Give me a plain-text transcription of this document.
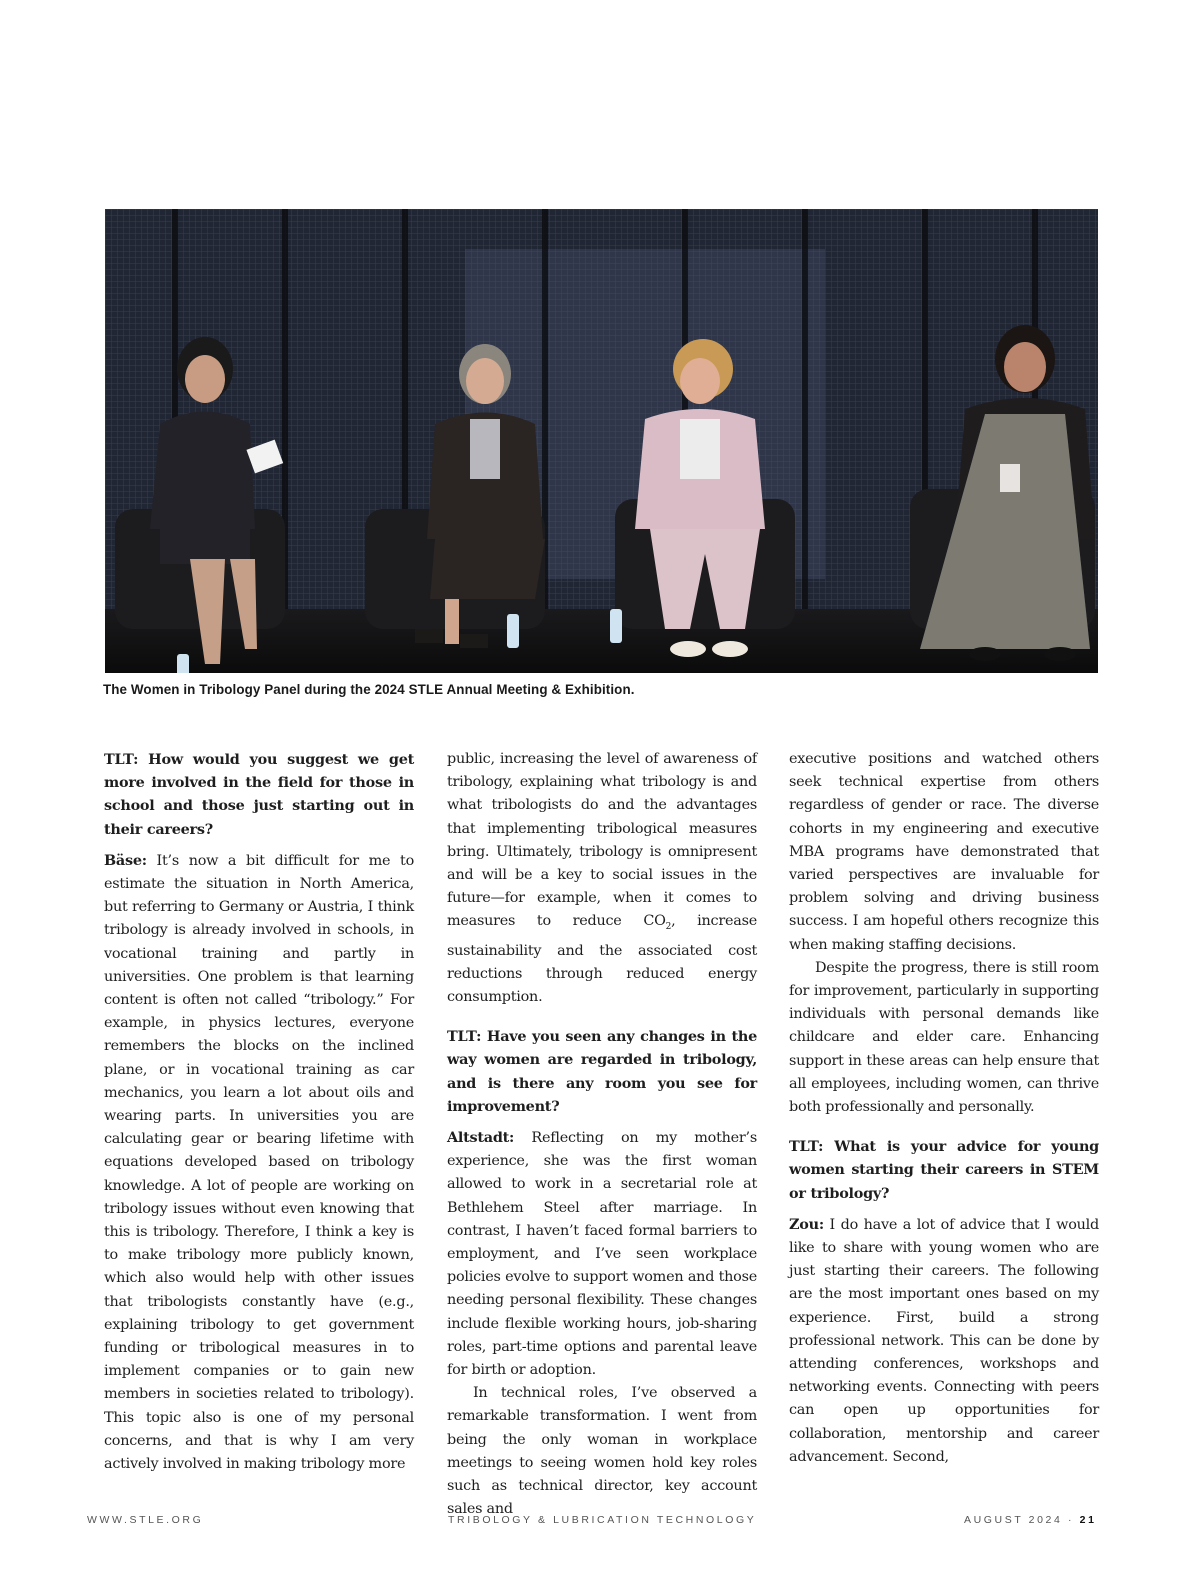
The Women in Tribology Panel during the 2024 STLE Annual Meeting & Exhibition.

TLT: How would you suggest we get more involved in the field for those in school and those just starting out in their careers?

Bäse: It’s now a bit difficult for me to estimate the situation in North America, but referring to Germany or Austria, I think tribology is already involved in schools, in vocational training and partly in universities. One problem is that learning content is often not called “tribology.” For example, in physics lectures, everyone remembers the blocks on the inclined plane, or in vocational training as car mechanics, you learn a lot about oils and wearing parts. In universities you are calculating gear or bearing lifetime with equations developed based on tribology knowledge. A lot of people are working on tribology issues without even knowing that this is tribology. Therefore, I think a key is to make tribology more publicly known, which also would help with other issues that tribologists constantly have (e.g., explaining tribology to get government funding or tribological measures in to implement companies or to gain new members in societies related to tribology). This topic also is one of my personal concerns, and that is why I am very actively involved in making tribology more

public, increasing the level of awareness of tribology, explaining what tribology is and what tribologists do and the advantages that implementing tribological measures bring. Ultimately, tribology is omnipresent and will be a key to social issues in the future—for example, when it comes to measures to reduce $CO_2$, increase sustainability and the associated cost reductions through reduced energy consumption.

TLT: Have you seen any changes in the way women are regarded in tribology, and is there any room you see for improvement?

Altstadt: Reflecting on my mother’s experience, she was the first woman allowed to work in a secretarial role at Bethlehem Steel after marriage. In contrast, I haven’t faced formal barriers to employment, and I’ve seen workplace policies evolve to support women and those needing personal flexibility. These changes include flexible working hours, job-sharing roles, part-time options and parental leave for birth or adoption.

In technical roles, I’ve observed a remarkable transformation. I went from being the only woman in workplace meetings to seeing women hold key roles such as technical director, key account sales and

executive positions and watched others seek technical expertise from others regardless of gender or race. The diverse cohorts in my engineering and executive MBA programs have demonstrated that varied perspectives are invaluable for problem solving and driving business success. I am hopeful others recognize this when making staffing decisions.

Despite the progress, there is still room for improvement, particularly in supporting individuals with personal demands like childcare and elder care. Enhancing support in these areas can help ensure that all employees, including women, can thrive both professionally and personally.

TLT: What is your advice for young women starting their careers in STEM or tribology?

Zou: I do have a lot of advice that I would like to share with young women who are just starting their careers. The following are the most important ones based on my experience. First, build a strong professional network. This can be done by attending conferences, workshops and networking events. Connecting with peers can open up opportunities for collaboration, mentorship and career advancement. Second,

WWW.STLE.ORG	TRIBOLOGY & LUBRICATION TECHNOLOGY	AUGUST 2024 · 21
